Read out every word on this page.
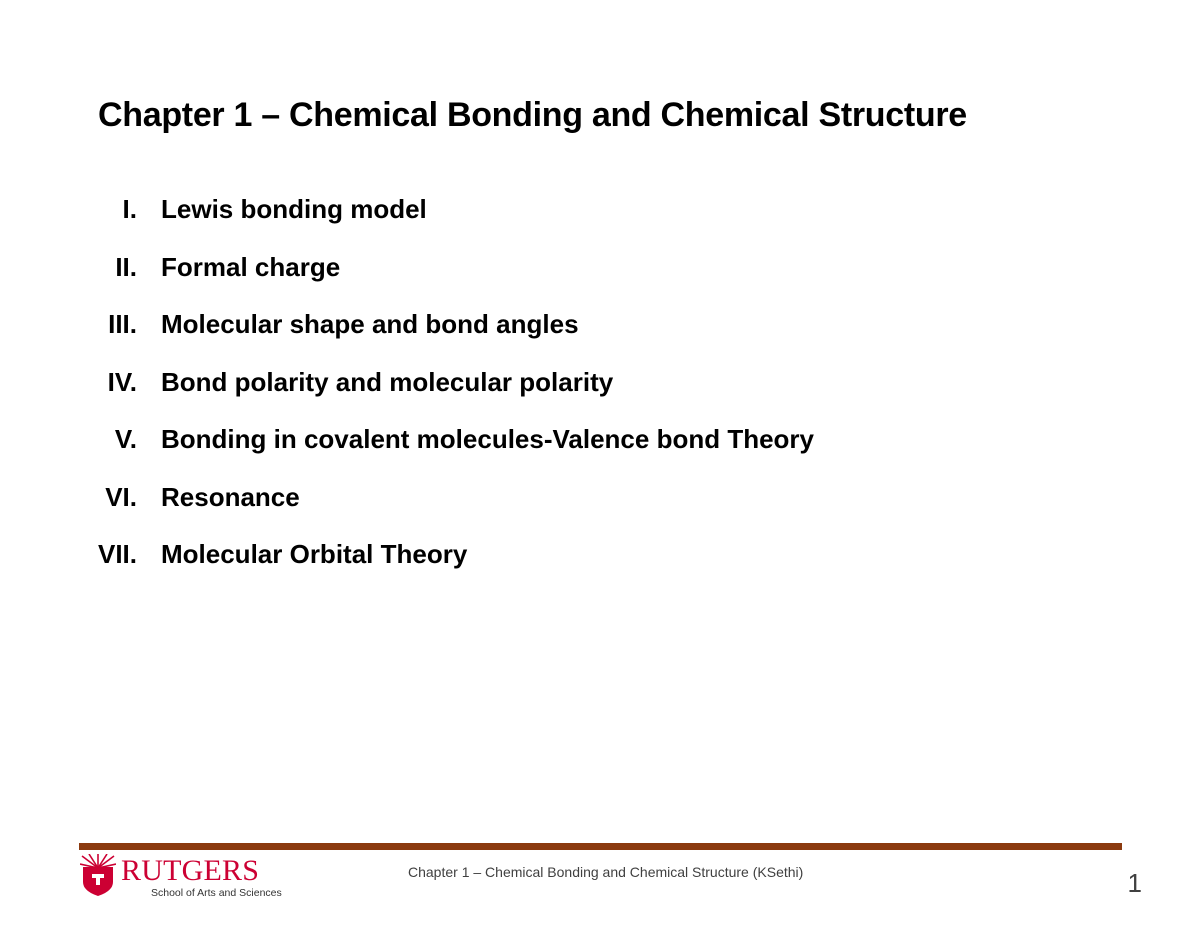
Chapter 1 – Chemical Bonding and Chemical Structure
I. Lewis bonding model
II. Formal charge
III. Molecular shape and bond angles
IV. Bond polarity and molecular polarity
V. Bonding in covalent molecules-Valence bond Theory
VI. Resonance
VII. Molecular Orbital Theory
RUTGERS
School of Arts and Sciences
Chapter 1 – Chemical Bonding and Chemical Structure (KSethi)	1
